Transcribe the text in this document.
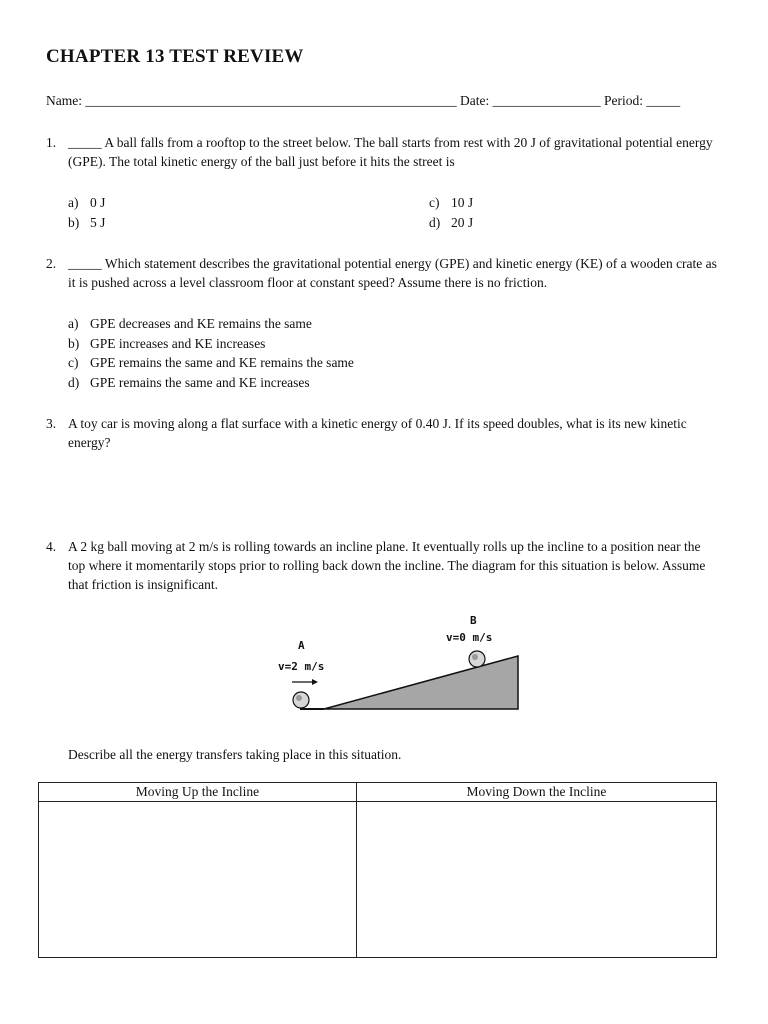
CHAPTER 13 TEST REVIEW
Name: _______________________________________________________ Date: ________________ Period: _____
1. _____ A ball falls from a rooftop to the street below. The ball starts from rest with 20 J of gravitational potential energy (GPE). The total kinetic energy of the ball just before it hits the street is
a) 0 J
b) 5 J
c) 10 J
d) 20 J
2. _____ Which statement describes the gravitational potential energy (GPE) and kinetic energy (KE) of a wooden crate as it is pushed across a level classroom floor at constant speed? Assume there is no friction.
a) GPE decreases and KE remains the same
b) GPE increases and KE increases
c) GPE remains the same and KE remains the same
d) GPE remains the same and KE increases
3. A toy car is moving along a flat surface with a kinetic energy of 0.40 J. If its speed doubles, what is its new kinetic energy?
4. A 2 kg ball moving at 2 m/s is rolling towards an incline plane. It eventually rolls up the incline to a position near the top where it momentarily stops prior to rolling back down the incline. The diagram for this situation is below. Assume that friction is insignificant.
A
v=2 m/s
B
v=0 m/s
Describe all the energy transfers taking place in this situation.
Moving Up the Incline	Moving Down the Incline
